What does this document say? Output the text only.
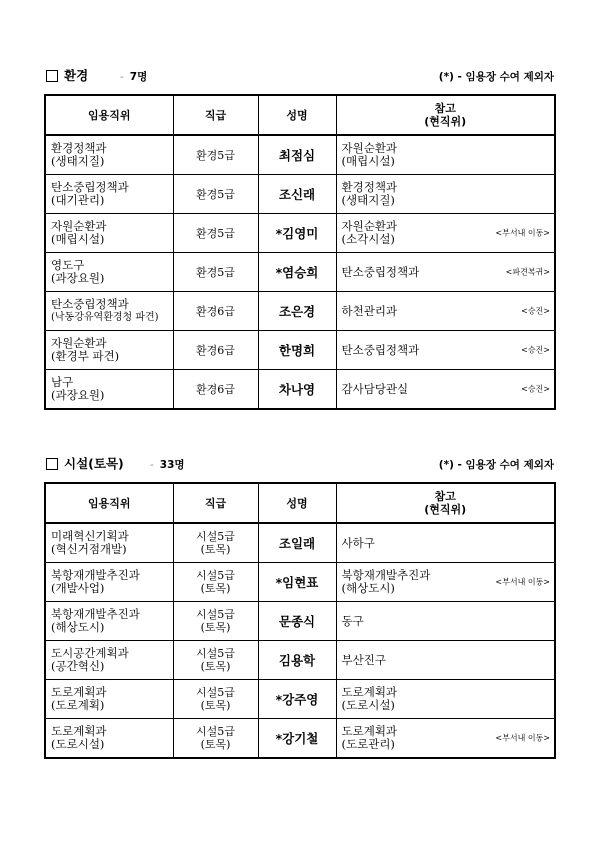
환경	- 7명	(*) - 임용장 수여 제외자
임용직위	직급	성명	참고
(현직위)

환경정책과
(생태지질)	환경5급	최점심	자원순환과
(매립시설)

탄소중립정책과
(대기관리)	환경5급	조신래	환경정책과
(생태지질)

자원순환과
(매립시설)	환경5급	*김영미	자원순환과
(소각시설) <부서내 이동>

영도구
(과장요원)	환경5급	*염승희	탄소중립정책과 <파견복귀>

탄소중립정책과
(낙동강유역환경청 파견)	환경6급	조은경	하천관리과 <승진>

자원순환과
(환경부 파견)	환경6급	한명희	탄소중립정책과 <승진>

남구
(과장요원)	환경6급	차나영	감사담당관실 <승진>
시설(토목)	- 33명	(*) - 임용장 수여 제외자
임용직위	직급	성명	참고
(현직위)

미래혁신기획과
(혁신거점개발)	시설5급
(토목)	조일래	사하구

북항재개발추진과
(개발사업)	시설5급
(토목)	*임현표	북항재개발추진과
(해상도시) <부서내 이동>

북항재개발추진과
(해상도시)	시설5급
(토목)	문종식	동구

도시공간계획과
(공간혁신)	시설5급
(토목)	김용학	부산진구

도로계획과
(도로계획)	시설5급
(토목)	*강주영	도로계획과
(도로시설)

도로계획과
(도로시설)	시설5급
(토목)	*강기철	도로계획과
(도로관리) <부서내 이동>
